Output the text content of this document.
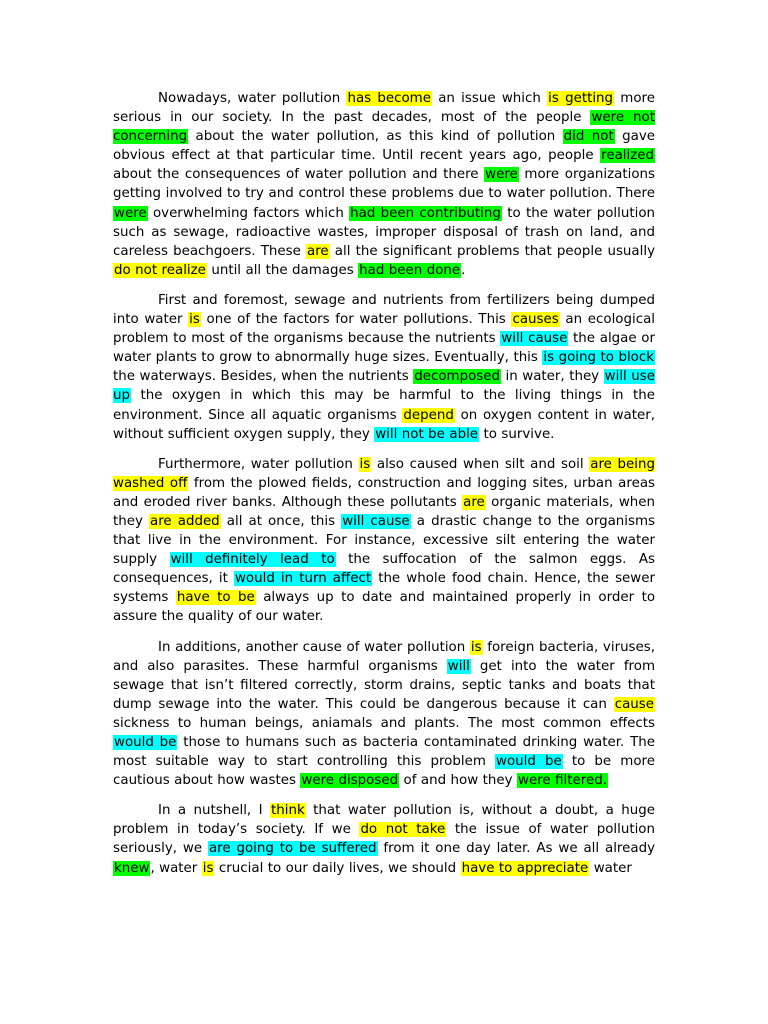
Nowadays, water pollution has become an issue which is getting more serious in our society. In the past decades, most of the people were not concerning about the water pollution, as this kind of pollution did not gave obvious effect at that particular time. Until recent years ago, people realized about the consequences of water pollution and there were more organizations getting involved to try and control these problems due to water pollution. There were overwhelming factors which had been contributing to the water pollution such as sewage, radioactive wastes, improper disposal of trash on land, and careless beachgoers. These are all the significant problems that people usually do not realize until all the damages had been done.

First and foremost, sewage and nutrients from fertilizers being dumped into water is one of the factors for water pollutions. This causes an ecological problem to most of the organisms because the nutrients will cause the algae or water plants to grow to abnormally huge sizes. Eventually, this is going to block the waterways. Besides, when the nutrients decomposed in water, they will use up the oxygen in which this may be harmful to the living things in the environment. Since all aquatic organisms depend on oxygen content in water, without sufficient oxygen supply, they will not be able to survive.

Furthermore, water pollution is also caused when silt and soil are being washed off from the plowed fields, construction and logging sites, urban areas and eroded river banks. Although these pollutants are organic materials, when they are added all at once, this will cause a drastic change to the organisms that live in the environment. For instance, excessive silt entering the water supply will definitely lead to the suffocation of the salmon eggs. As consequences, it would in turn affect the whole food chain. Hence, the sewer systems have to be always up to date and maintained properly in order to assure the quality of our water.

In additions, another cause of water pollution is foreign bacteria, viruses, and also parasites. These harmful organisms will get into the water from sewage that isn’t filtered correctly, storm drains, septic tanks and boats that dump sewage into the water. This could be dangerous because it can cause sickness to human beings, aniamals and plants. The most common effects would be those to humans such as bacteria contaminated drinking water. The most suitable way to start controlling this problem would be to be more cautious about how wastes were disposed of and how they were filtered.

In a nutshell, I think that water pollution is, without a doubt, a huge problem in today’s society. If we do not take the issue of water pollution seriously, we are going to be suffered from it one day later. As we all already knew, water is crucial to our daily lives, we should have to appreciate water
